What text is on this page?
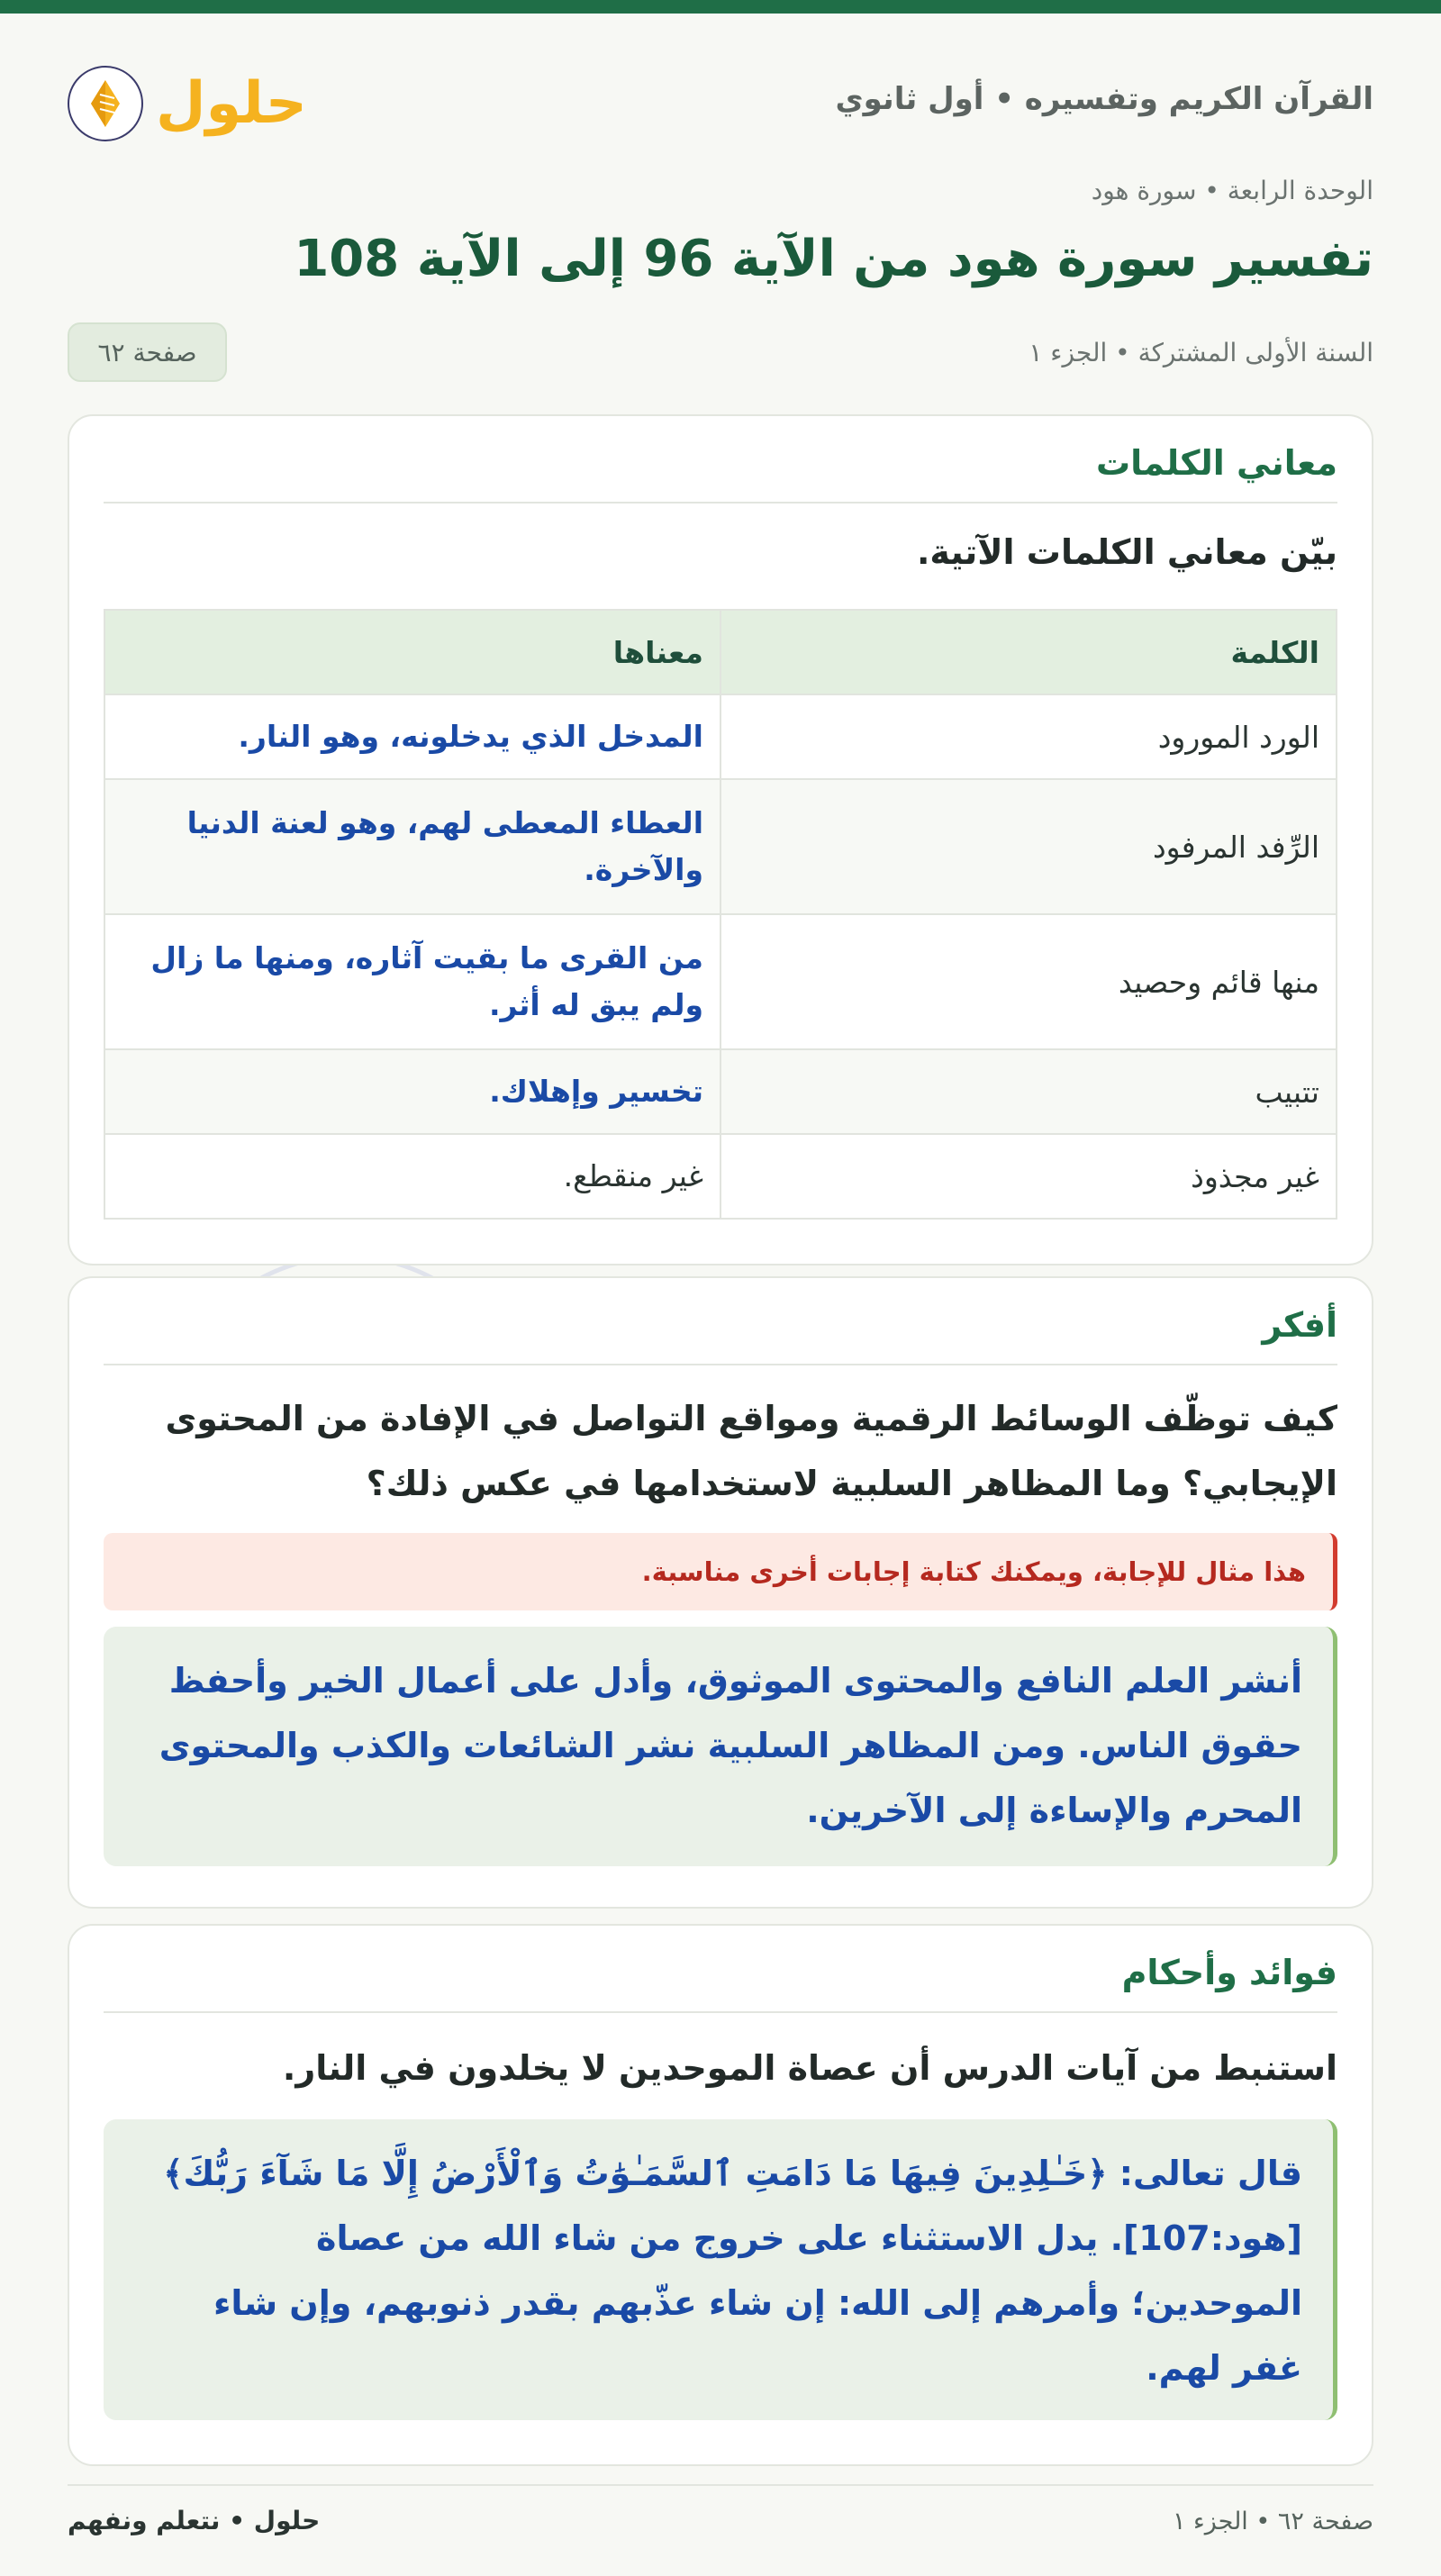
حلول	القرآن الكريم وتفسيره • أول ثانوي
الوحدة الرابعة • سورة هود
تفسير سورة هود من الآية 96 إلى الآية 108
السنة الأولى المشتركة • الجزء ١
صفحة ٦٢
معاني الكلمات
بيّن معاني الكلمات الآتية.
الكلمة	معناها
الورد المورود	المدخل الذي يدخلونه، وهو النار.
الرِّفد المرفود	العطاء المعطى لهم، وهو لعنة الدنيا والآخرة.
منها قائم وحصيد	من القرى ما بقيت آثاره، ومنها ما زال ولم يبق له أثر.
تتبيب	تخسير وإهلاك.
غير مجذوذ	غير منقطع.
أفكر
كيف توظّف الوسائط الرقمية ومواقع التواصل في الإفادة من المحتوى الإيجابي؟ وما المظاهر السلبية لاستخدامها في عكس ذلك؟
هذا مثال للإجابة، ويمكنك كتابة إجابات أخرى مناسبة.
أنشر العلم النافع والمحتوى الموثوق، وأدل على أعمال الخير وأحفظ حقوق الناس. ومن المظاهر السلبية نشر الشائعات والكذب والمحتوى المحرم والإساءة إلى الآخرين.
فوائد وأحكام
استنبط من آيات الدرس أن عصاة الموحدين لا يخلدون في النار.
قال تعالى: ﴿خَـٰلِدِينَ فِيهَا مَا دَامَتِ ٱلسَّمَـٰوَٰتُ وَٱلْأَرْضُ إِلَّا مَا شَآءَ رَبُّكَ﴾ [هود:107]. يدل الاستثناء على خروج من شاء الله من عصاة الموحدين؛ وأمرهم إلى الله: إن شاء عذّبهم بقدر ذنوبهم، وإن شاء غفر لهم.
حلول • نتعلم ونفهم	صفحة ٦٢ • الجزء ١
